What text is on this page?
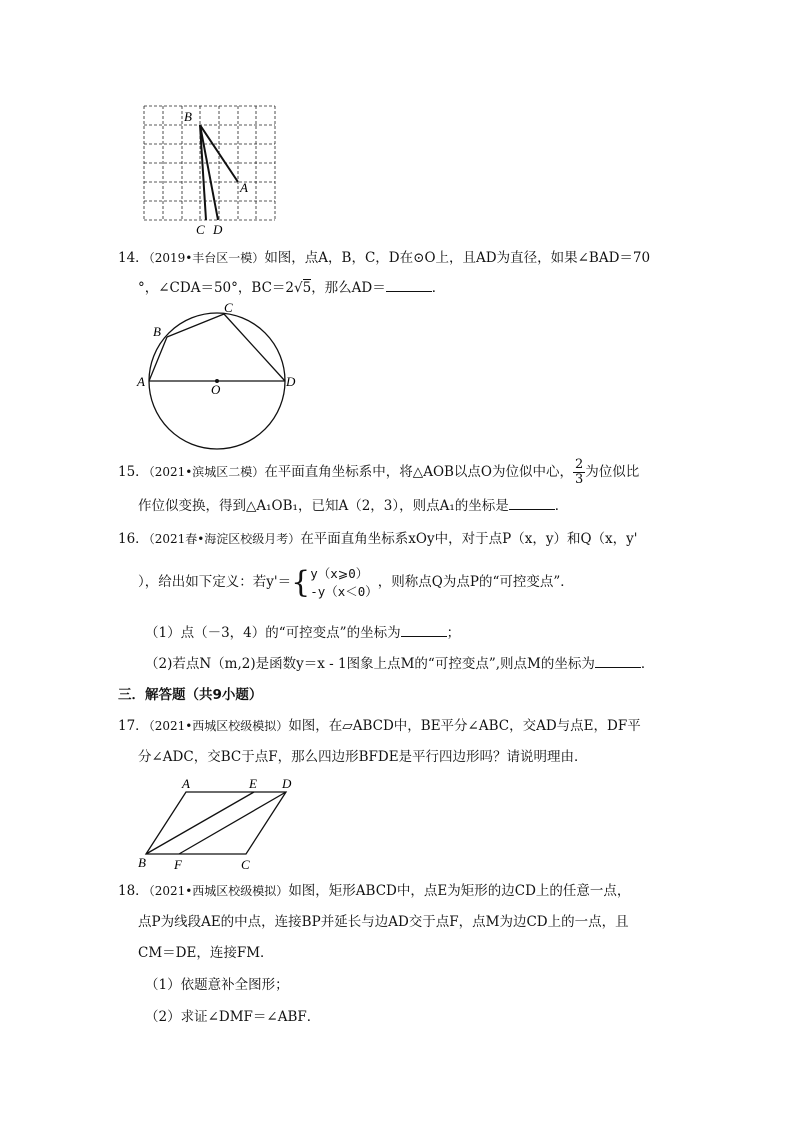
B
A
C D
14．（2019•丰台区一模）如图，点A，B，C，D在⊙O上，且AD为直径，如果∠BAD＝70
°，∠CDA＝50°，BC＝2√5，那么AD＝	．
B
C
A
O
D
15．（2021•滨城区二模）在平面直角坐标系中，将△AOB以点O为位似中心， $\frac{2}{3}$ 为位似比
作位似变换，得到△A₁OB₁，已知A（2，3），则点A₁的坐标是	．
16．（2021春•海淀区校级月考）在平面直角坐标系xOy中，对于点P（x，y）和Q（x，y'
），给出如下定义：若y'＝{ y（x⩾0）
-y（x＜0）
，则称点Q为点P的“可控变点”．
（1）点（－3，4）的“可控变点”的坐标为	；
（2)若点N（m,2)是函数y＝x - 1图象上点M的“可控变点”,则点M的坐标为	．
三．解答题（共9小题）
17．（2021•西城区校级模拟）如图，在▱ABCD中，BE平分∠ABC，交AD与点E，DF平
分∠ADC，交BC于点F，那么四边形BFDE是平行四边形吗？请说明理由．
A	E D
B F	C
18．（2021•西城区校级模拟）如图，矩形ABCD中，点E为矩形的边CD上的任意一点，
点P为线段AE的中点，连接BP并延长与边AD交于点F，点M为边CD上的一点，且
CM＝DE，连接FM．
（1）依题意补全图形；
（2）求证∠DMF＝∠ABF．
